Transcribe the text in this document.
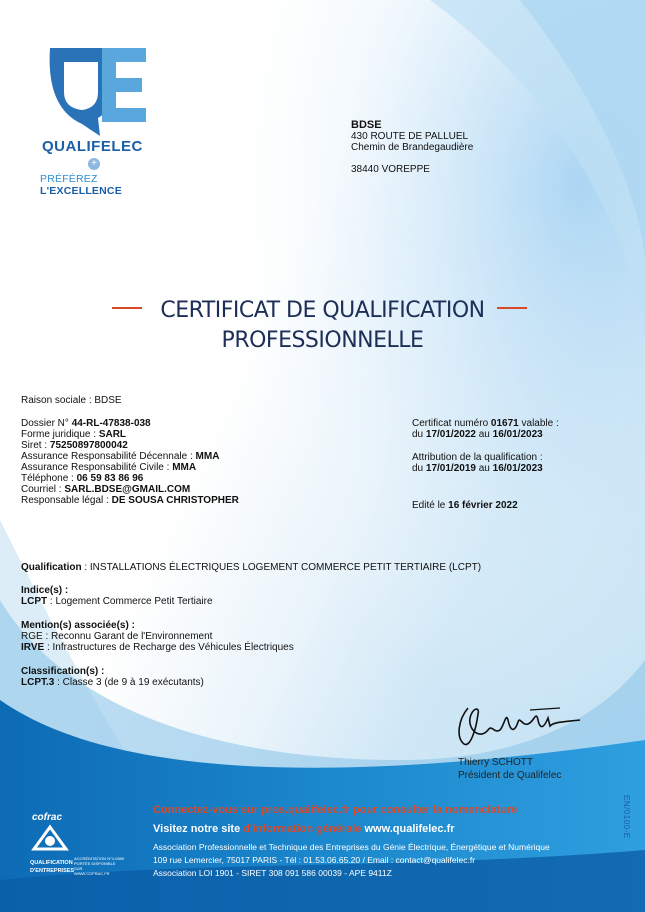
QUALIFELEC
+
PRÉFÉREZ L'EXCELLENCE
BDSE
430 ROUTE DE PALLUEL
Chemin de Brandegaudière
38440 VOREPPE
CERTIFICAT DE QUALIFICATION
PROFESSIONNELLE
Raison sociale : BDSE
Dossier N° 44-RL-47838-038
Forme juridique : SARL
Siret : 75250897800042
Assurance Responsabilité Décennale : MMA
Assurance Responsabilité Civile : MMA
Téléphone : 06 59 83 86 96
Courriel : SARL.BDSE@GMAIL.COM
Responsable légal : DE SOUSA CHRISTOPHER
Certificat numéro 01671 valable :
du 17/01/2022 au 16/01/2023
Attribution de la qualification :
du 17/01/2019 au 16/01/2023
Edité le 16 février 2022
Qualification : INSTALLATIONS ÉLECTRIQUES LOGEMENT COMMERCE PETIT TERTIAIRE (LCPT)
Indice(s) :
LCPT : Logement Commerce Petit Tertiaire
Mention(s) associée(s) :
RGE : Reconnu Garant de l'Environnement
IRVE : Infrastructures de Recharge des Véhicules Électriques
Classification(s) :
LCPT.3 : Classe 3 (de 9 à 19 exécutants)
Thierry SCHOTT
Président de Qualifelec
cofrac
QUALIFICATION
D'ENTREPRISES
ACCRÉDITATION N°4-0559
PORTÉE DISPONIBLE
SUR
WWW.COFRAC.FR
Connectez-vous sur pros.qualifelec.fr pour consulter la nomenclature
Visitez notre site d'information générale www.qualifelec.fr
Association Professionnelle et Technique des Entreprises du Génie Électrique, Énergétique et Numérique
109 rue Lemercier, 75017 PARIS - Tél : 01.53.06.65.20 / Email : contact@qualifelec.fr
Association LOI 1901 - SIRET 308 091 586 00039 - APE 9411Z
EN/0100-E
